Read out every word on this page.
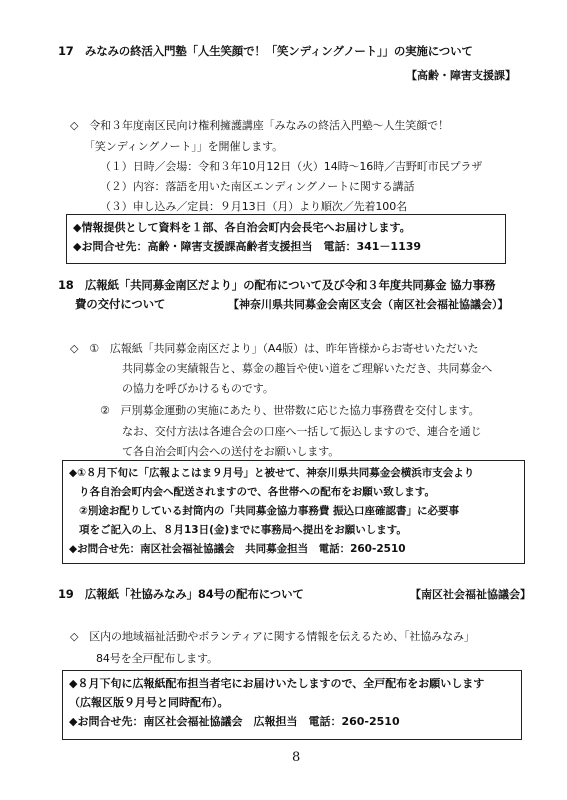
17　みなみの終活入門塾「人生笑顔で！「笑ンディングノート」」の実施について
【高齢・障害支援課】
◇　令和３年度南区民向け権利擁護講座「みなみの終活入門塾～人生笑顔で！
「笑ンディングノート」」を開催します。
（１）日時／会場：令和３年10月12日（火）14時～16時／吉野町市民プラザ
（２）内容：落語を用いた南区エンディングノートに関する講話
（３）申し込み／定員：９月13日（月）より順次／先着100名
◆情報提供として資料を１部、各自治会町内会長宅へお届けします。
◆お問合せ先：高齢・障害支援課高齢者支援担当　電話：341－1139
18　広報紙「共同募金南区だより」の配布について及び令和３年度共同募金 協力事務
費の交付について	【神奈川県共同募金会南区支会（南区社会福祉協議会）】
◇　①　広報紙「共同募金南区だより」（A4版）は、昨年皆様からお寄せいただいた
共同募金の実績報告と、募金の趣旨や使い道をご理解いただき、共同募金へ
の協力を呼びかけるものです。
②　戸別募金運動の実施にあたり、世帯数に応じた協力事務費を交付します。
なお、交付方法は各連合会の口座へ一括して振込しますので、連合を通じ
て各自治会町内会への送付をお願いします。
◆①８月下旬に「広報よこはま９月号」と被せて、神奈川県共同募金会横浜市支会より
り各自治会町内会へ配送されますので、各世帯への配布をお願い致します。
②別途お配りしている封筒内の「共同募金協力事務費 振込口座確認書」に必要事
項をご記入の上、８月13日(金)までに事務局へ提出をお願いします。
◆お問合せ先：南区社会福祉協議会　共同募金担当　電話：260-2510
19　広報紙「社協みなみ」84号の配布について	【南区社会福祉協議会】
◇　区内の地域福祉活動やボランティアに関する情報を伝えるため、「社協みなみ」
84号を全戸配布します。
◆８月下旬に広報紙配布担当者宅にお届けいたしますので、全戸配布をお願いします
（広報区版９月号と同時配布）。
◆お問合せ先：南区社会福祉協議会　広報担当　電話：260-2510
8
